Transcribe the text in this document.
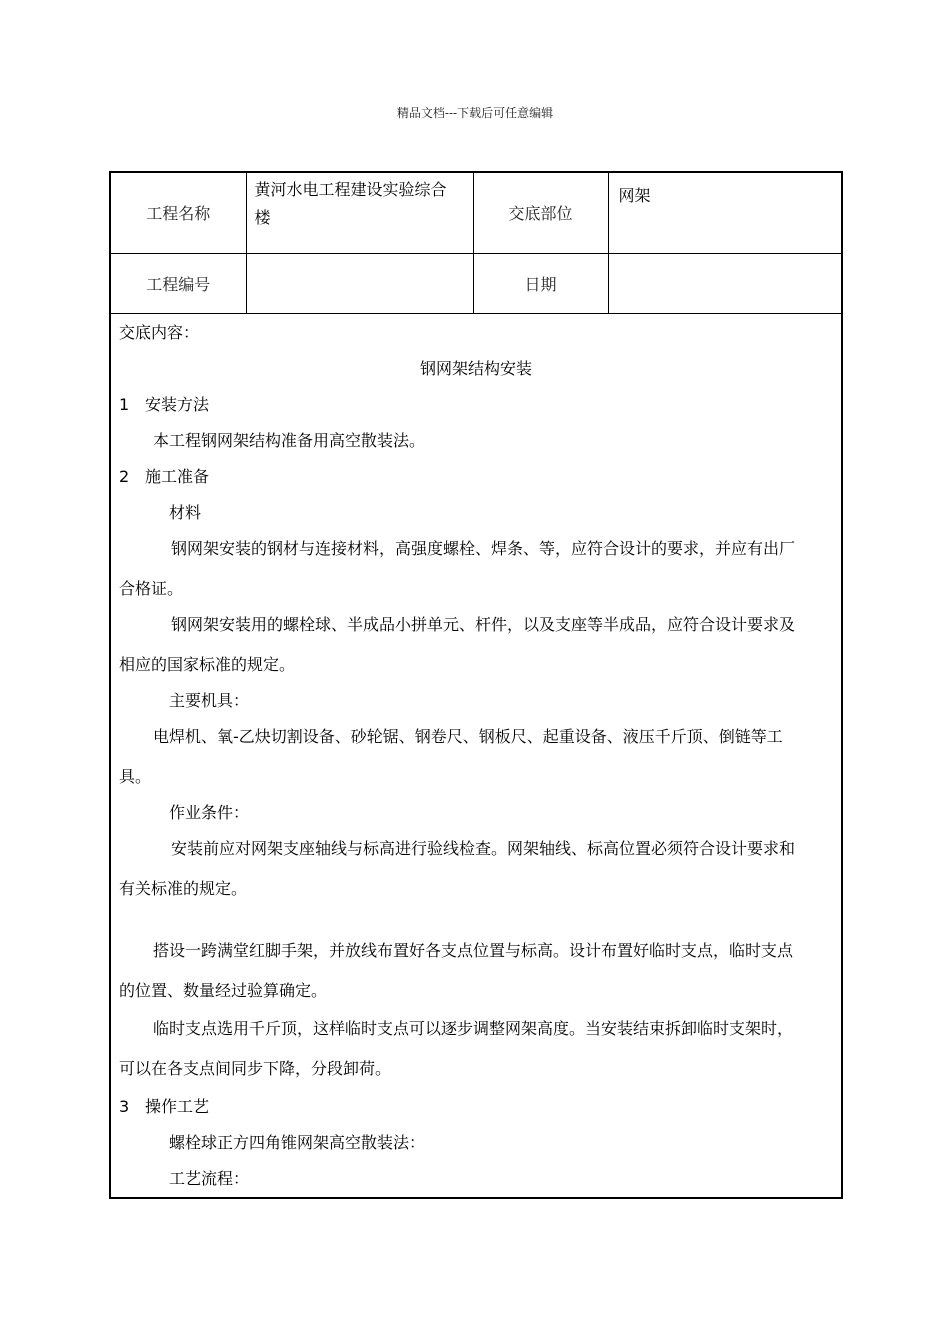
精品文档---下载后可任意编辑
工程名称	黄河水电工程建设实验综合
楼	交底部位	网架
工程编号		日期	
交底内容：
钢网架结构安装
1 安装方法
本工程钢网架结构准备用高空散装法。
2 施工准备
材料
钢网架安装的钢材与连接材料，高强度螺栓、焊条、等，应符合设计的要求，并应有出厂
合格证。
钢网架安装用的螺栓球、半成品小拼单元、杆件，以及支座等半成品，应符合设计要求及
相应的国家标准的规定。
主要机具：
电焊机、氧-乙炔切割设备、砂轮锯、钢卷尺、钢板尺、起重设备、液压千斤顶、倒链等工
具。
作业条件：
安装前应对网架支座轴线与标高进行验线检查。网架轴线、标高位置必须符合设计要求和
有关标准的规定。
搭设一跨满堂红脚手架，并放线布置好各支点位置与标高。设计布置好临时支点，临时支点
的位置、数量经过验算确定。
临时支点选用千斤顶，这样临时支点可以逐步调整网架高度。当安装结束拆卸临时支架时，
可以在各支点间同步下降，分段卸荷。
3 操作工艺
螺栓球正方四角锥网架高空散装法：
工艺流程：
